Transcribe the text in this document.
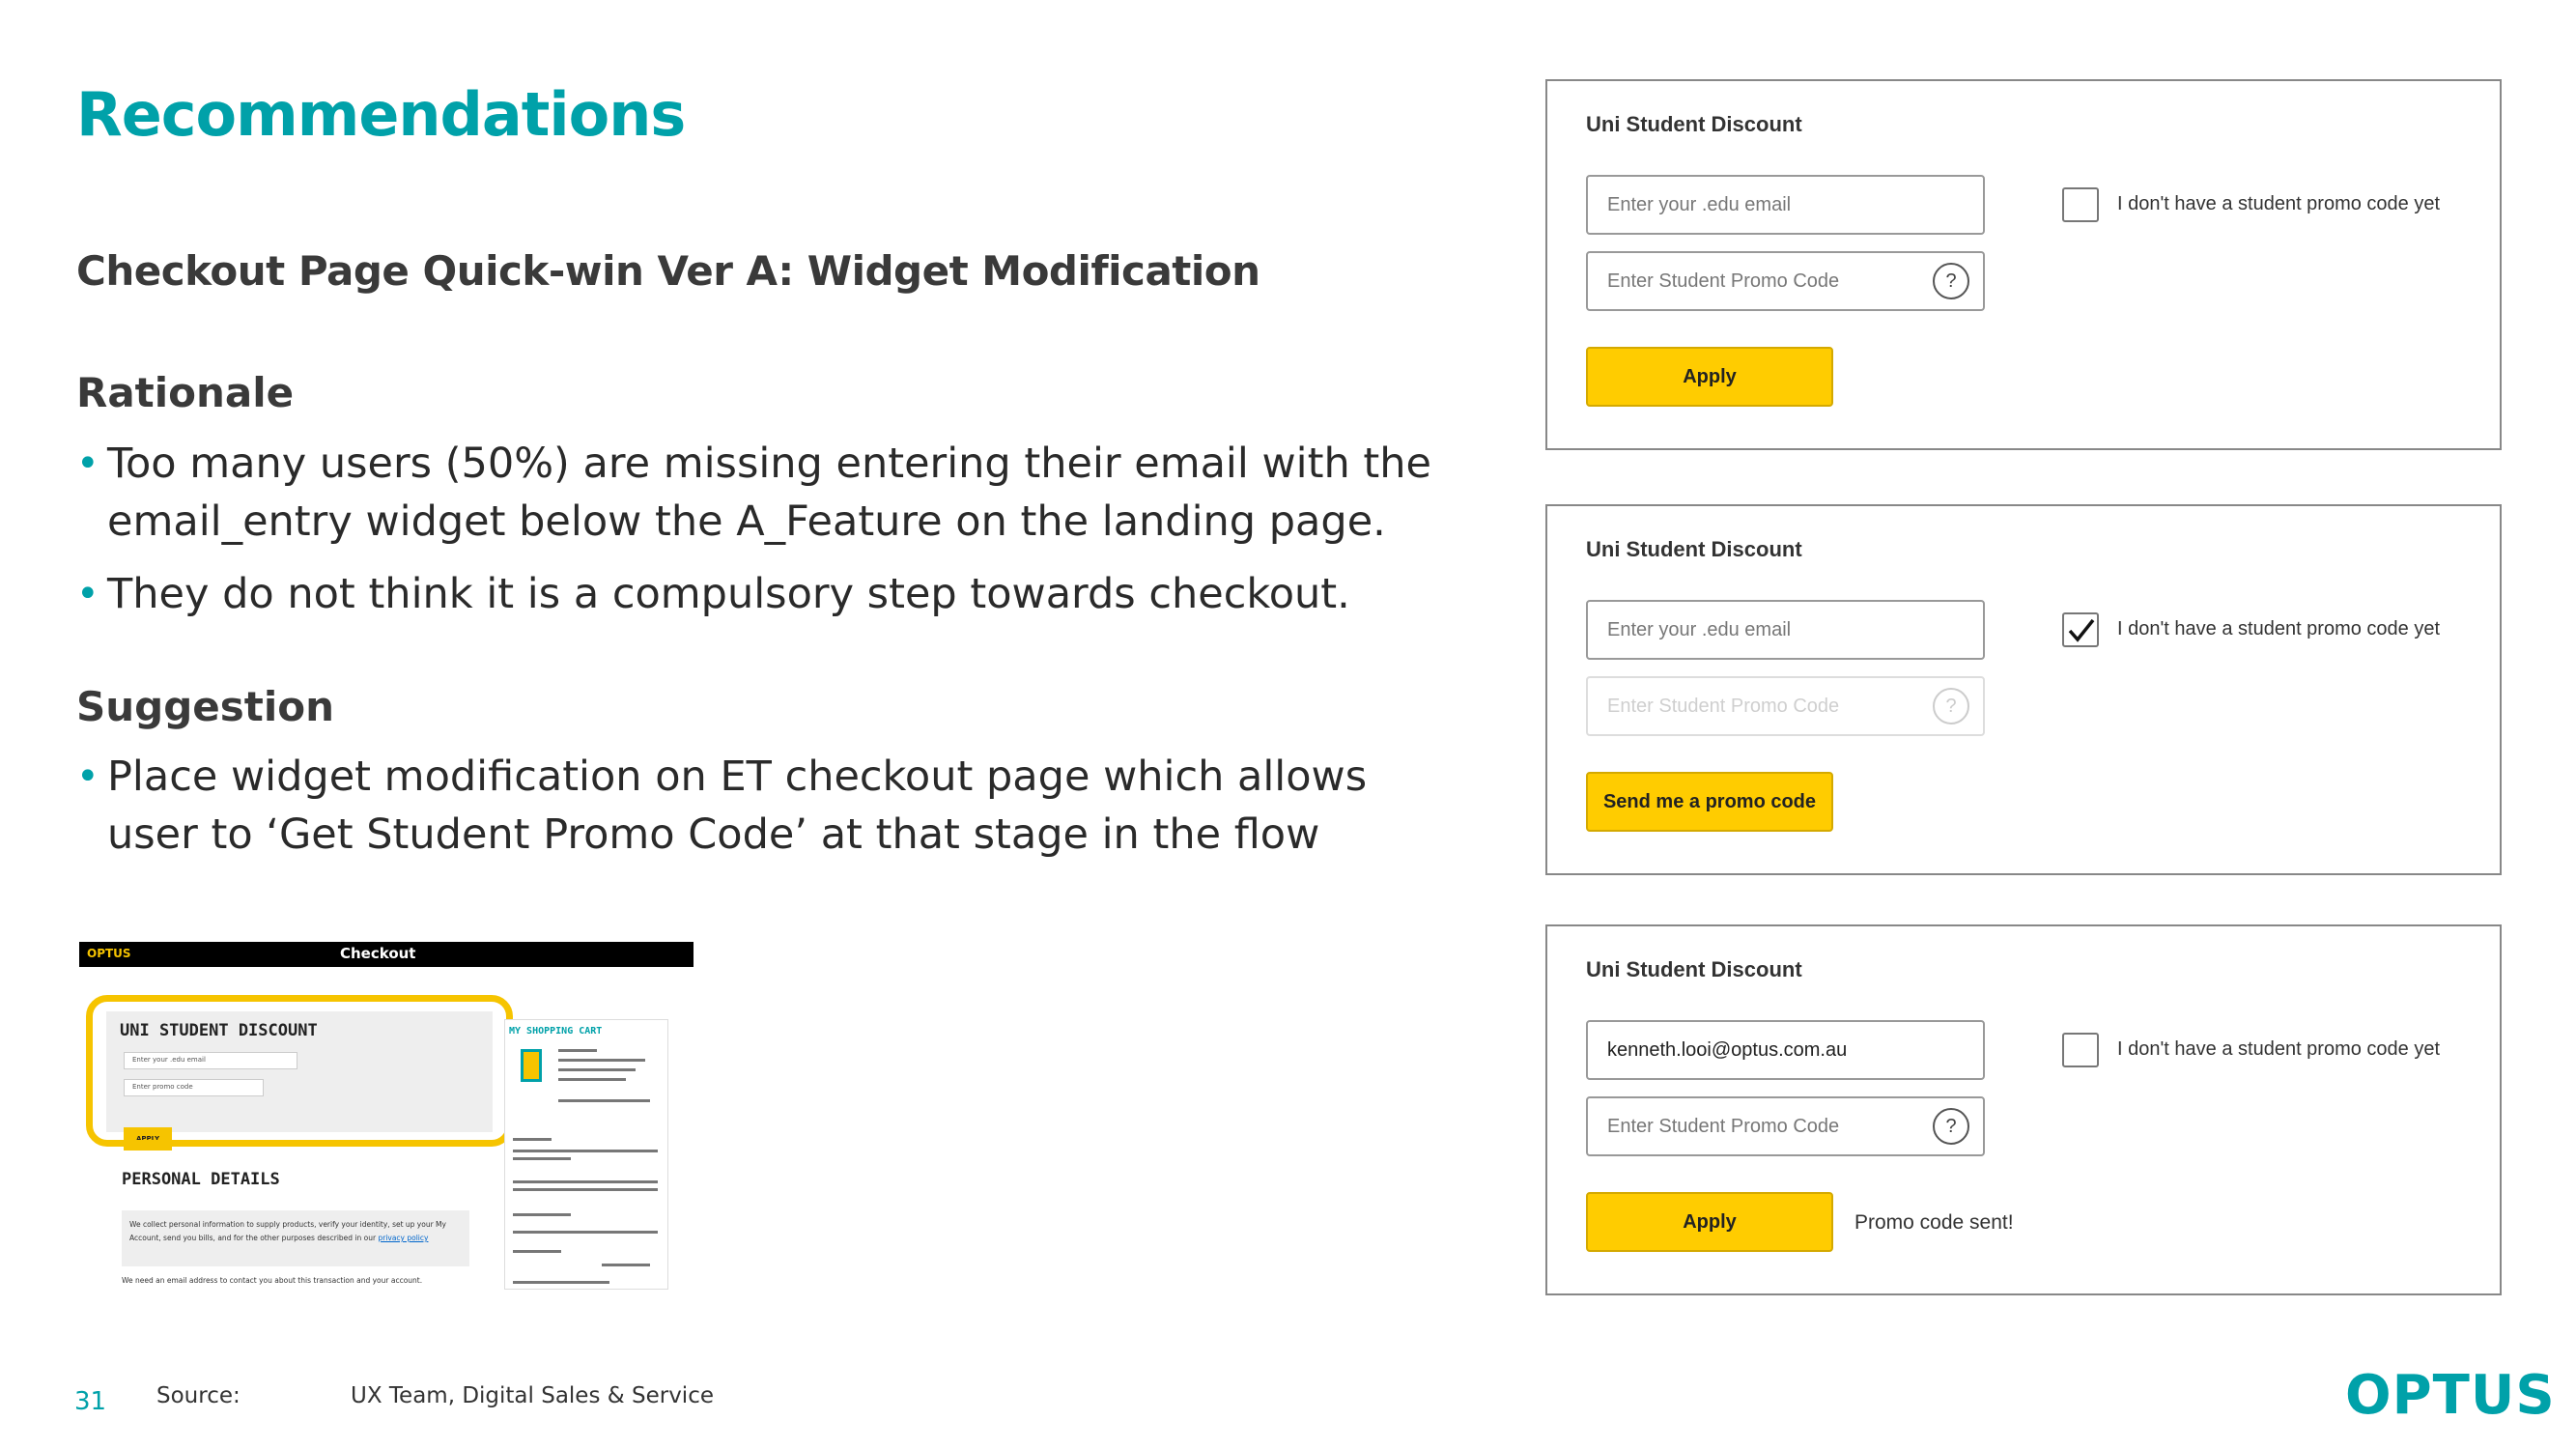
Recommendations
Checkout Page Quick-win Ver A: Widget Modification
Rationale
• Too many users (50%) are missing entering their email with the email_entry widget below the A_Feature on the landing page.
• They do not think it is a compulsory step towards checkout.
Suggestion
• Place widget modification on ET checkout page which allows user to ‘Get Student Promo Code’ at that stage in the flow
OPTUS	Checkout
UNI STUDENT DISCOUNT
Enter your .edu email
Enter promo code
APPLY
PERSONAL DETAILS
We collect personal information to supply products, verify your identity, set up your My Account, send you bills, and for the other purposes described in our privacy policy
We need an email address to contact you about this transaction and your account.
MY SHOPPING CART
Uni Student Discount
Enter your .edu email
Enter Student Promo Code	?
I don't have a student promo code yet
Apply
Uni Student Discount
Enter your .edu email
Enter Student Promo Code	?
I don't have a student promo code yet
Send me a promo code
Uni Student Discount
kenneth.looi@optus.com.au
Enter Student Promo Code	?
I don't have a student promo code yet
Apply	Promo code sent!
31 Source:	UX Team, Digital Sales & Service	OPTUS
